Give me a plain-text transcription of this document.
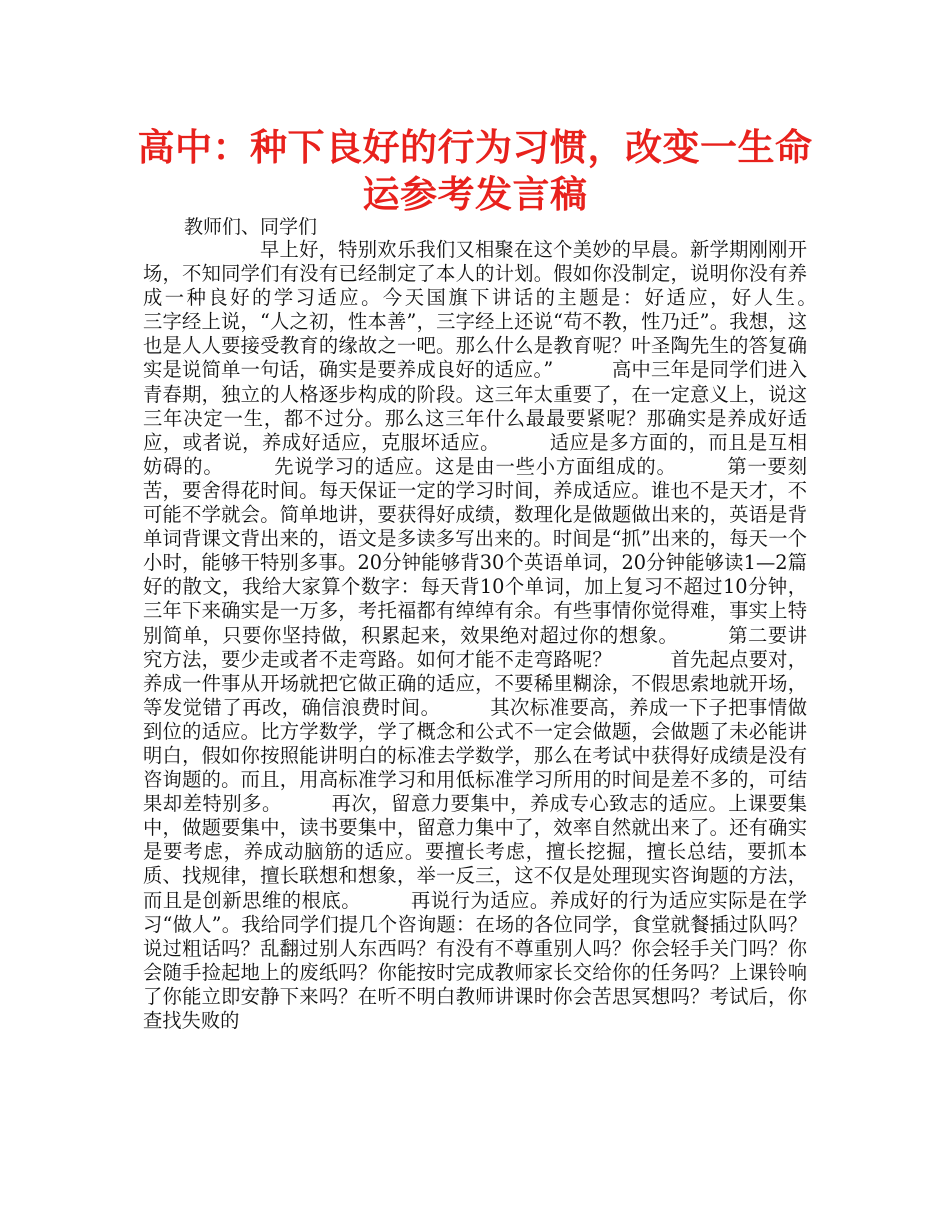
高中：种下良好的行为习惯，改变一生命运参考发言稿

教师们、同学们

早上好，特别欢乐我们又相聚在这个美妙的早晨。新学期刚刚开场，不知同学们有没有已经制定了本人的计划。假如你没制定，说明你没有养成一种良好的学习适应。今天国旗下讲话的主题是：好适应，好人生。　　　三字经上说，“人之初，性本善”，三字经上还说“苟不教，性乃迁”。我想，这也是人人要接受教育的缘故之一吧。那么什么是教育呢？叶圣陶先生的答复确实是说简单一句话，确实是要养成良好的适应。”　　　高中三年是同学们进入青春期，独立的人格逐步构成的阶段。这三年太重要了，在一定意义上，说这三年决定一生，都不过分。那么这三年什么最最要紧呢？那确实是养成好适应，或者说，养成好适应，克服坏适应。　　　适应是多方面的，而且是互相妨碍的。　　　先说学习的适应。这是由一些小方面组成的。　　　第一要刻苦，要舍得花时间。每天保证一定的学习时间，养成适应。谁也不是天才，不可能不学就会。简单地讲，要获得好成绩，数理化是做题做出来的，英语是背单词背课文背出来的，语文是多读多写出来的。时间是“抓”出来的，每天一个小时，能够干特别多事。20分钟能够背30个英语单词，20分钟能够读1—2篇好的散文，我给大家算个数字：每天背10个单词，加上复习不超过10分钟，三年下来确实是一万多，考托福都有绰绰有余。有些事情你觉得难，事实上特别简单，只要你坚持做，积累起来，效果绝对超过你的想象。　　　第二要讲究方法，要少走或者不走弯路。如何才能不走弯路呢？　　　首先起点要对，养成一件事从开场就把它做正确的适应，不要稀里糊涂，不假思索地就开场，等发觉错了再改，确信浪费时间。　　　其次标准要高，养成一下子把事情做到位的适应。比方学数学，学了概念和公式不一定会做题，会做题了未必能讲明白，假如你按照能讲明白的标准去学数学，那么在考试中获得好成绩是没有咨询题的。而且，用高标准学习和用低标准学习所用的时间是差不多的，可结果却差特别多。　　　再次，留意力要集中，养成专心致志的适应。上课要集中，做题要集中，读书要集中，留意力集中了，效率自然就出来了。还有确实是要考虑，养成动脑筋的适应。要擅长考虑，擅长挖掘，擅长总结，要抓本质、找规律，擅长联想和想象，举一反三，这不仅是处理现实咨询题的方法，而且是创新思维的根底。　　　再说行为适应。养成好的行为适应实际是在学习“做人”。我给同学们提几个咨询题：在场的各位同学，食堂就餐插过队吗？说过粗话吗？乱翻过别人东西吗？有没有不尊重别人吗？你会轻手关门吗？你会随手捡起地上的废纸吗？你能按时完成教师家长交给你的任务吗？上课铃响了你能立即安静下来吗？在听不明白教师讲课时你会苦思冥想吗？考试后，你查找失败的
